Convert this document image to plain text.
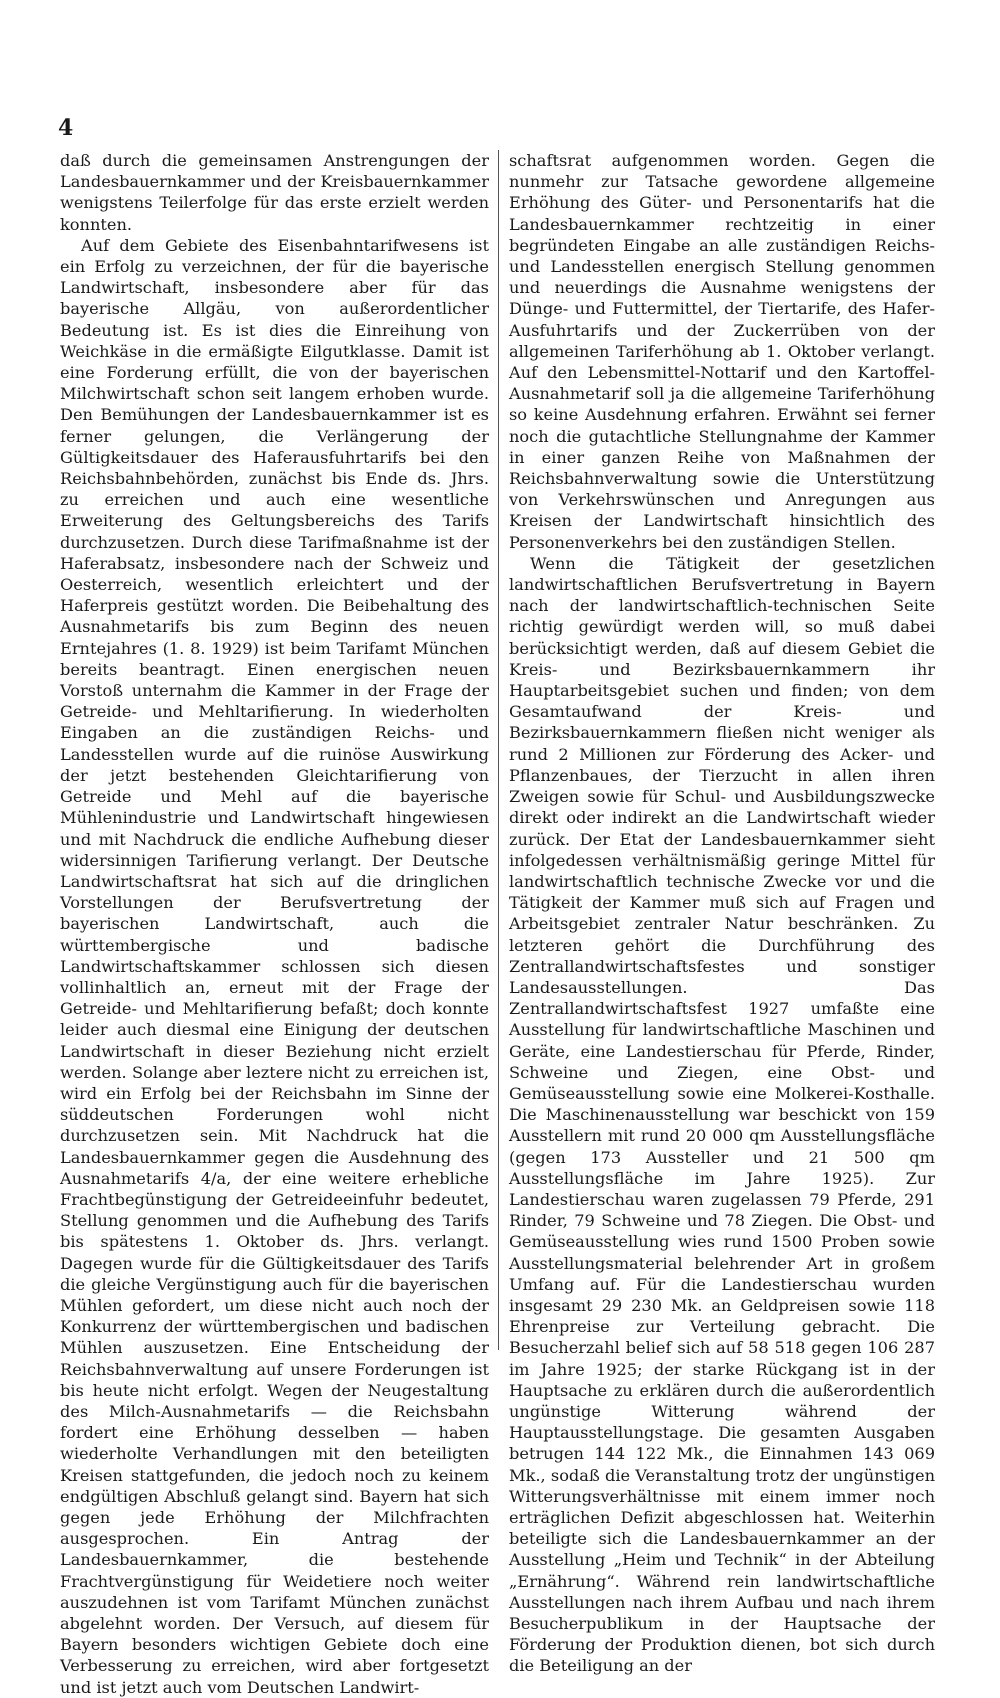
4

daß durch die gemeinsamen Anstrengungen der Landesbauernkammer und der Kreisbauernkammer wenigstens Teilerfolge für das erste erzielt werden konnten.

Auf dem Gebiete des Eisenbahntarifwesens ist ein Erfolg zu verzeichnen, der für die bayerische Landwirtschaft, insbesondere aber für das bayerische Allgäu, von außerordentlicher Bedeutung ist. Es ist dies die Einreihung von Weichkäse in die ermäßigte Eilgutklasse. Damit ist eine Forderung erfüllt, die von der bayerischen Milchwirtschaft schon seit langem erhoben wurde. Den Bemühungen der Landesbauernkammer ist es ferner gelungen, die Verlängerung der Gültigkeitsdauer des Haferausfuhrtarifs bei den Reichsbahnbehörden, zunächst bis Ende ds. Jhrs. zu erreichen und auch eine wesentliche Erweiterung des Geltungsbereichs des Tarifs durchzusetzen. Durch diese Tarifmaßnahme ist der Haferabsatz, insbesondere nach der Schweiz und Oesterreich, wesentlich erleichtert und der Haferpreis gestützt worden. Die Beibehaltung des Ausnahmetarifs bis zum Beginn des neuen Erntejahres (1. 8. 1929) ist beim Tarifamt München bereits beantragt. Einen energischen neuen Vorstoß unternahm die Kammer in der Frage der Getreide- und Mehltarifierung. In wiederholten Eingaben an die zuständigen Reichs- und Landesstellen wurde auf die ruinöse Auswirkung der jetzt bestehenden Gleichtarifierung von Getreide und Mehl auf die bayerische Mühlenindustrie und Landwirtschaft hingewiesen und mit Nachdruck die endliche Aufhebung dieser widersinnigen Tarifierung verlangt. Der Deutsche Landwirtschaftsrat hat sich auf die dringlichen Vorstellungen der Berufsvertretung der bayerischen Landwirtschaft, auch die württembergische und badische Landwirtschaftskammer schlossen sich diesen vollinhaltlich an, erneut mit der Frage der Getreide- und Mehltarifierung befaßt; doch konnte leider auch diesmal eine Einigung der deutschen Landwirtschaft in dieser Beziehung nicht erzielt werden. Solange aber leztere nicht zu erreichen ist, wird ein Erfolg bei der Reichsbahn im Sinne der süddeutschen Forderungen wohl nicht durchzusetzen sein. Mit Nachdruck hat die Landesbauernkammer gegen die Ausdehnung des Ausnahmetarifs 4/a, der eine weitere erhebliche Frachtbegünstigung der Getreideeinfuhr bedeutet, Stellung genommen und die Aufhebung des Tarifs bis spätestens 1. Oktober ds. Jhrs. verlangt. Dagegen wurde für die Gültigkeitsdauer des Tarifs die gleiche Vergünstigung auch für die bayerischen Mühlen gefordert, um diese nicht auch noch der Konkurrenz der württembergischen und badischen Mühlen auszusetzen. Eine Entscheidung der Reichsbahnverwaltung auf unsere Forderungen ist bis heute nicht erfolgt. Wegen der Neugestaltung des Milch-Ausnahmetarifs — die Reichsbahn fordert eine Erhöhung desselben — haben wiederholte Verhandlungen mit den beteiligten Kreisen stattgefunden, die jedoch noch zu keinem endgültigen Abschluß gelangt sind. Bayern hat sich gegen jede Erhöhung der Milchfrachten ausgesprochen. Ein Antrag der Landesbauernkammer, die bestehende Frachtvergünstigung für Weidetiere noch weiter auszudehnen ist vom Tarifamt München zunächst abgelehnt worden. Der Versuch, auf diesem für Bayern besonders wichtigen Gebiete doch eine Verbesserung zu erreichen, wird aber fortgesetzt und ist jetzt auch vom Deutschen Landwirt-

schaftsrat aufgenommen worden. Gegen die nunmehr zur Tatsache gewordene allgemeine Erhöhung des Güter- und Personentarifs hat die Landesbauernkammer rechtzeitig in einer begründeten Eingabe an alle zuständigen Reichs- und Landesstellen energisch Stellung genommen und neuerdings die Ausnahme wenigstens der Dünge- und Futtermittel, der Tiertarife, des Hafer-Ausfuhrtarifs und der Zuckerrüben von der allgemeinen Tariferhöhung ab 1. Oktober verlangt. Auf den Lebensmittel-Nottarif und den Kartoffel-Ausnahmetarif soll ja die allgemeine Tariferhöhung so keine Ausdehnung erfahren. Erwähnt sei ferner noch die gutachtliche Stellungnahme der Kammer in einer ganzen Reihe von Maßnahmen der Reichsbahnverwaltung sowie die Unterstützung von Verkehrswünschen und Anregungen aus Kreisen der Landwirtschaft hinsichtlich des Personenverkehrs bei den zuständigen Stellen.

Wenn die Tätigkeit der gesetzlichen landwirtschaftlichen Berufsvertretung in Bayern nach der landwirtschaftlich-technischen Seite richtig gewürdigt werden will, so muß dabei berücksichtigt werden, daß auf diesem Gebiet die Kreis- und Bezirksbauernkammern ihr Hauptarbeitsgebiet suchen und finden; von dem Gesamtaufwand der Kreis- und Bezirksbauernkammern fließen nicht weniger als rund 2 Millionen zur Förderung des Acker- und Pflanzenbaues, der Tierzucht in allen ihren Zweigen sowie für Schul- und Ausbildungszwecke direkt oder indirekt an die Landwirtschaft wieder zurück. Der Etat der Landesbauernkammer sieht infolgedessen verhältnismäßig geringe Mittel für landwirtschaftlich technische Zwecke vor und die Tätigkeit der Kammer muß sich auf Fragen und Arbeitsgebiet zentraler Natur beschränken. Zu letzteren gehört die Durchführung des Zentrallandwirtschaftsfestes und sonstiger Landesausstellungen. Das Zentrallandwirtschaftsfest 1927 umfaßte eine Ausstellung für landwirtschaftliche Maschinen und Geräte, eine Landestierschau für Pferde, Rinder, Schweine und Ziegen, eine Obst- und Gemüseausstellung sowie eine Molkerei-Kosthalle. Die Maschinenausstellung war beschickt von 159 Ausstellern mit rund 20 000 qm Ausstellungsfläche (gegen 173 Aussteller und 21 500 qm Ausstellungsfläche im Jahre 1925). Zur Landestierschau waren zugelassen 79 Pferde, 291 Rinder, 79 Schweine und 78 Ziegen. Die Obst- und Gemüseausstellung wies rund 1500 Proben sowie Ausstellungsmaterial belehrender Art in großem Umfang auf. Für die Landestierschau wurden insgesamt 29 230 Mk. an Geldpreisen sowie 118 Ehrenpreise zur Verteilung gebracht. Die Besucherzahl belief sich auf 58 518 gegen 106 287 im Jahre 1925; der starke Rückgang ist in der Hauptsache zu erklären durch die außerordentlich ungünstige Witterung während der Hauptausstellungstage. Die gesamten Ausgaben betrugen 144 122 Mk., die Einnahmen 143 069 Mk., sodaß die Veranstaltung trotz der ungünstigen Witterungsverhältnisse mit einem immer noch erträglichen Defizit abgeschlossen hat. Weiterhin beteiligte sich die Landesbauernkammer an der Ausstellung „Heim und Technik“ in der Abteilung „Ernährung“. Während rein landwirtschaftliche Ausstellungen nach ihrem Aufbau und nach ihrem Besucherpublikum in der Hauptsache der Förderung der Produktion dienen, bot sich durch die Beteiligung an der
